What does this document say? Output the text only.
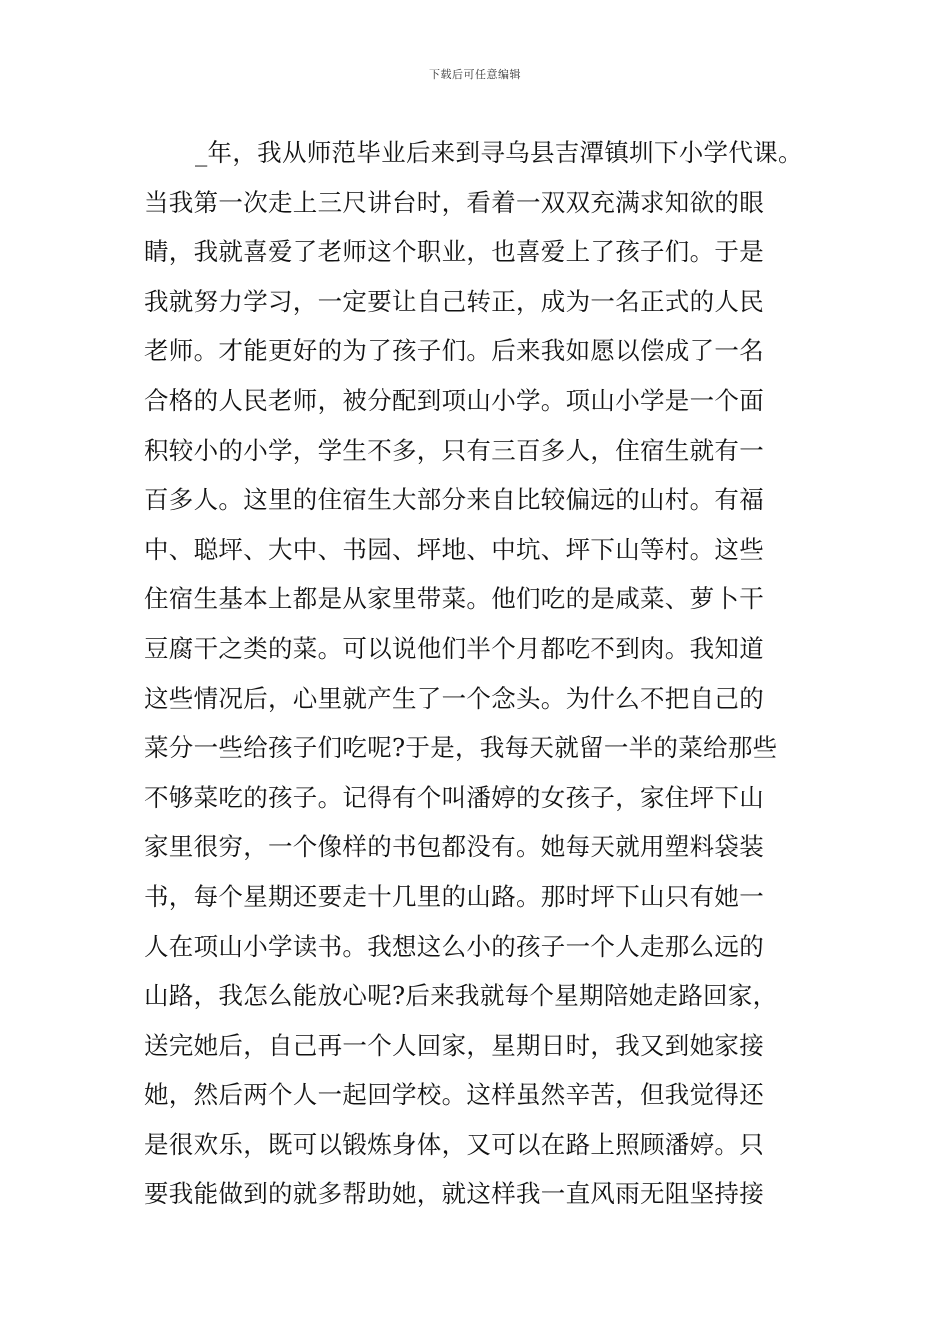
下载后可任意编辑
_年，我从师范毕业后来到寻乌县吉潭镇圳下小学代课。
当我第一次走上三尺讲台时，看着一双双充满求知欲的眼
睛，我就喜爱了老师这个职业，也喜爱上了孩子们。于是
我就努力学习，一定要让自己转正，成为一名正式的人民
老师。才能更好的为了孩子们。后来我如愿以偿成了一名
合格的人民老师，被分配到项山小学。项山小学是一个面
积较小的小学，学生不多，只有三百多人，住宿生就有一
百多人。这里的住宿生大部分来自比较偏远的山村。有福
中、聪坪、大中、书园、坪地、中坑、坪下山等村。这些
住宿生基本上都是从家里带菜。他们吃的是咸菜、萝卜干
豆腐干之类的菜。可以说他们半个月都吃不到肉。我知道
这些情况后，心里就产生了一个念头。为什么不把自己的
菜分一些给孩子们吃呢?于是，我每天就留一半的菜给那些
不够菜吃的孩子。记得有个叫潘婷的女孩子，家住坪下山
家里很穷，一个像样的书包都没有。她每天就用塑料袋装
书，每个星期还要走十几里的山路。那时坪下山只有她一
人在项山小学读书。我想这么小的孩子一个人走那么远的
山路，我怎么能放心呢?后来我就每个星期陪她走路回家，
送完她后，自己再一个人回家，星期日时，我又到她家接
她，然后两个人一起回学校。这样虽然辛苦，但我觉得还
是很欢乐，既可以锻炼身体，又可以在路上照顾潘婷。只
要我能做到的就多帮助她，就这样我一直风雨无阻坚持接
